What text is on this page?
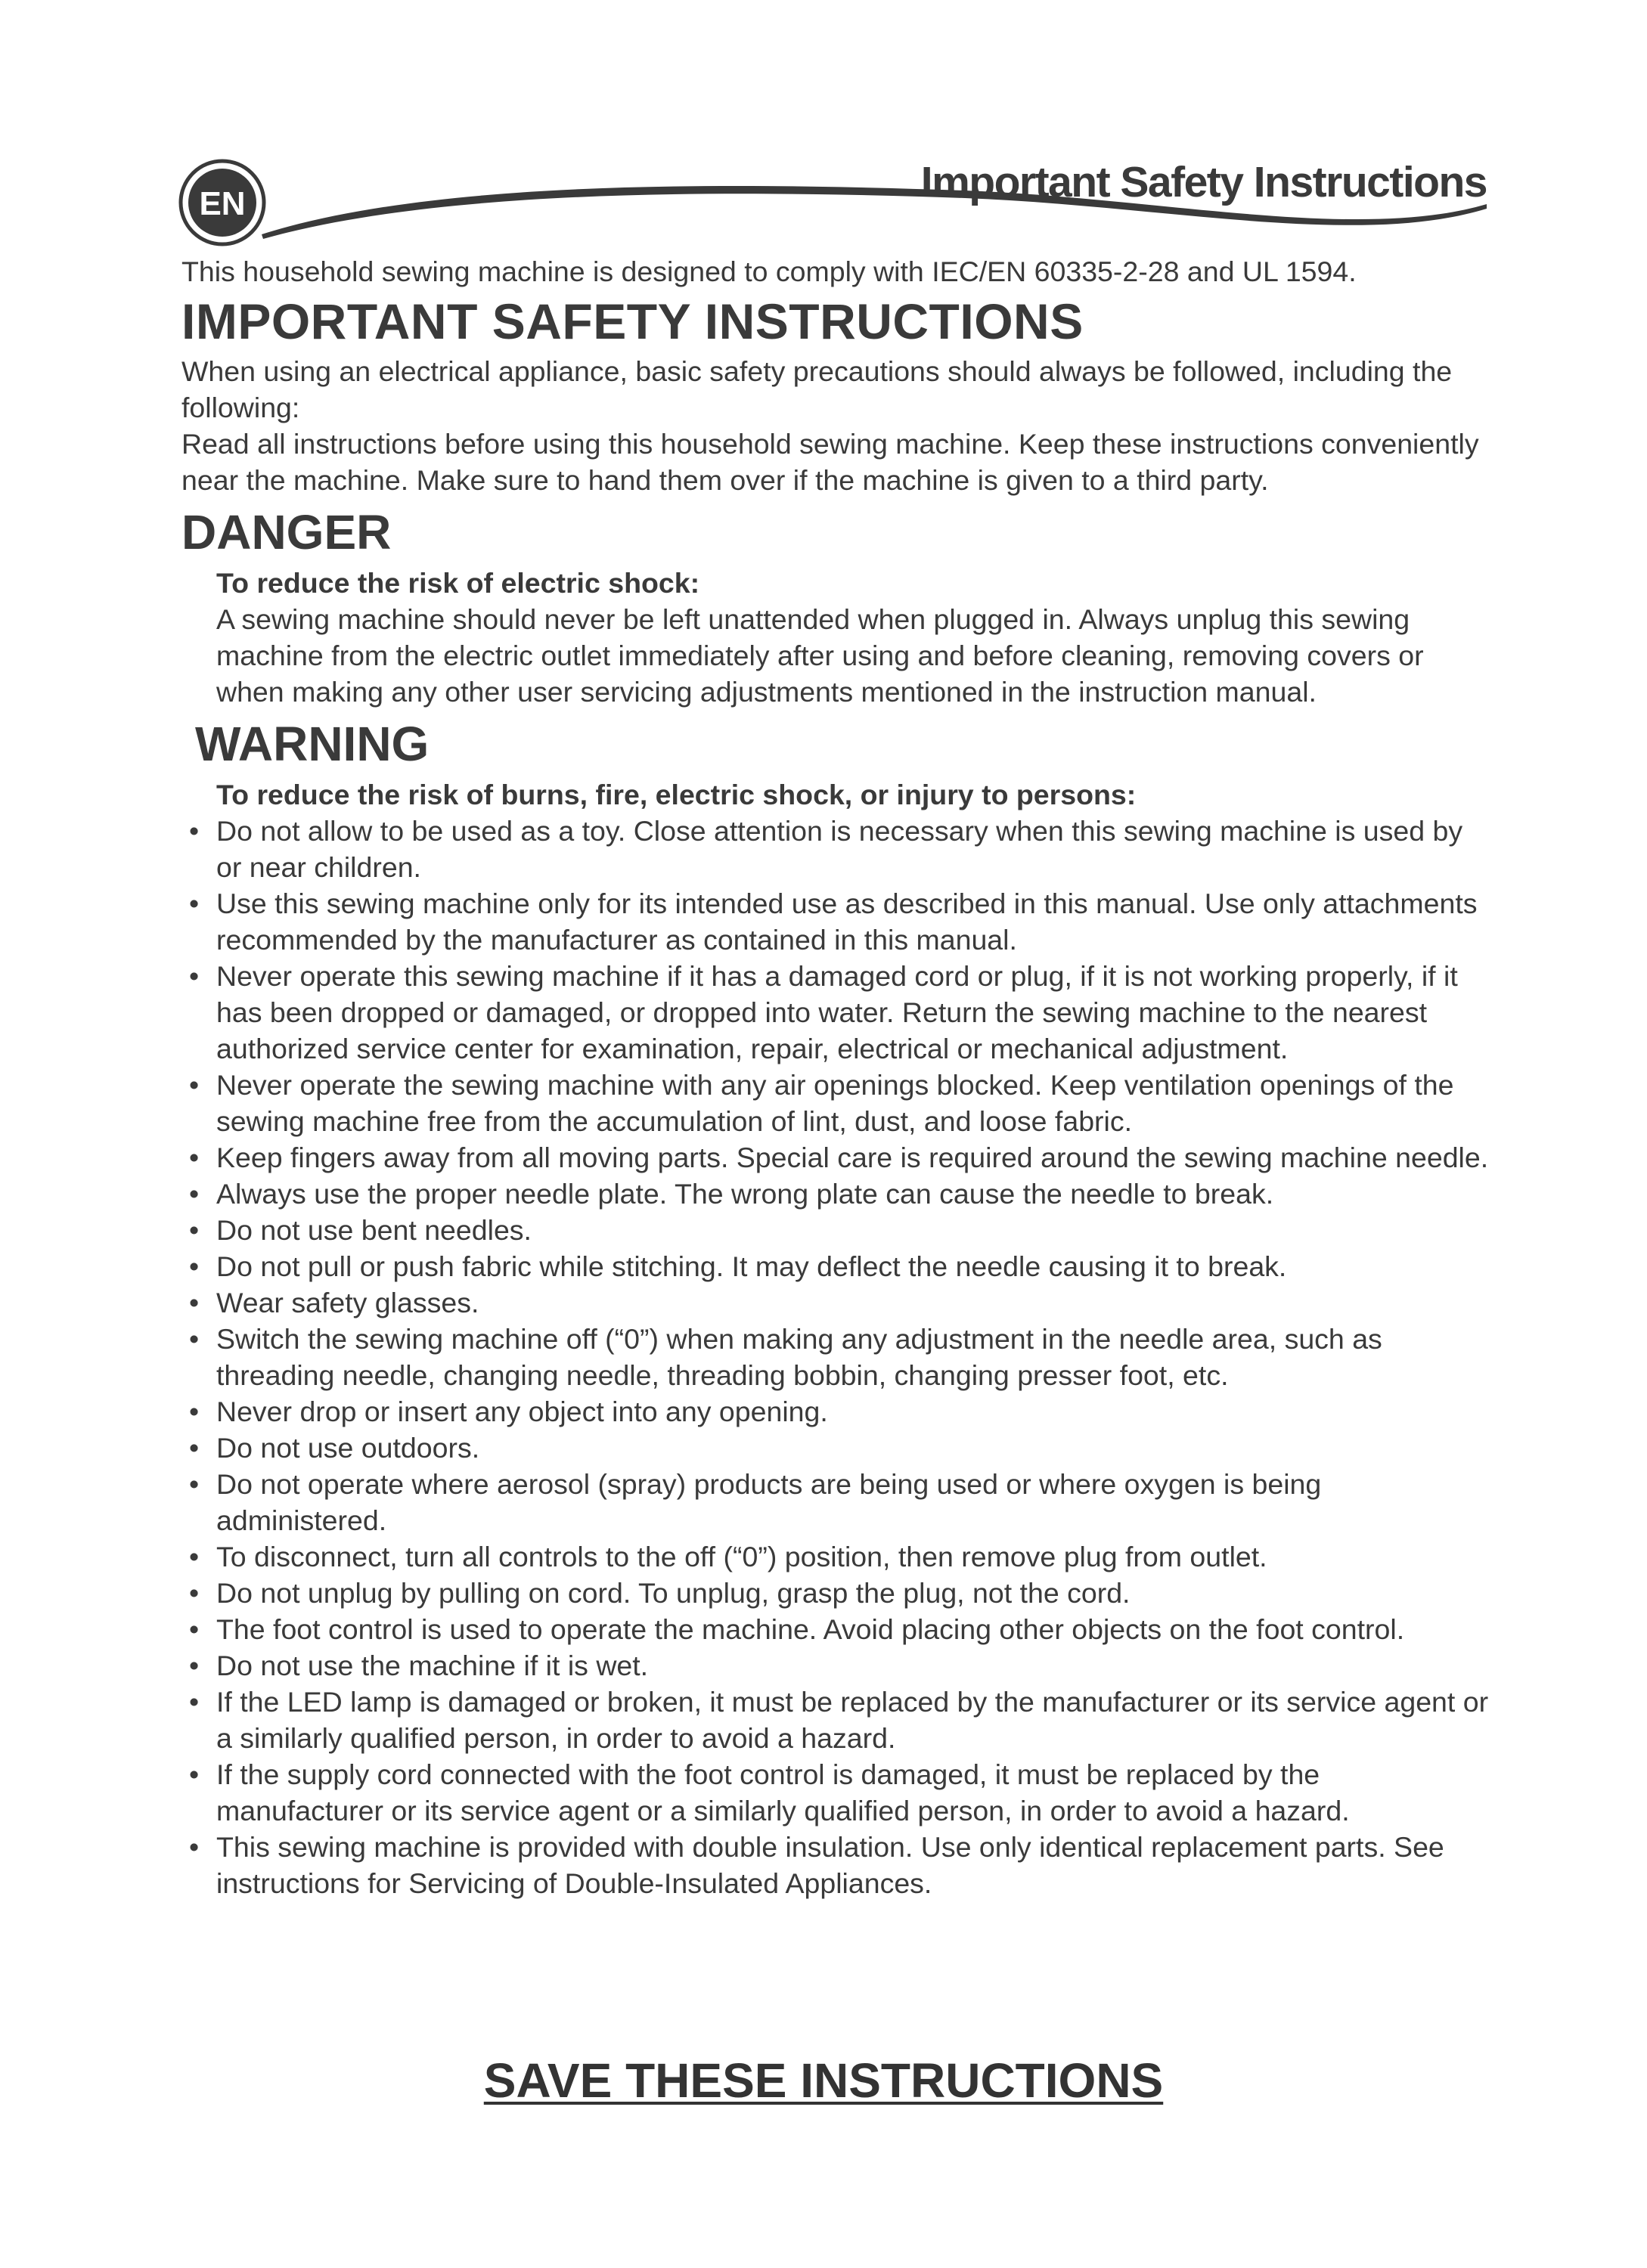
EN	Important Safety Instructions

This household sewing machine is designed to comply with IEC/EN 60335-2-28 and UL 1594.

IMPORTANT SAFETY INSTRUCTIONS

When using an electrical appliance, basic safety precautions should always be followed, including the following:

Read all instructions before using this household sewing machine. Keep these instructions conveniently near the machine. Make sure to hand them over if the machine is given to a third party.

DANGER

To reduce the risk of electric shock:

A sewing machine should never be left unattended when plugged in. Always unplug this sewing machine from the electric outlet immediately after using and before cleaning, removing covers or when making any other user servicing adjustments mentioned in the instruction manual.

WARNING

To reduce the risk of burns, fire, electric shock, or injury to persons:

• Do not allow to be used as a toy. Close attention is necessary when this sewing machine is used by or near children.
• Use this sewing machine only for its intended use as described in this manual. Use only attachments recommended by the manufacturer as contained in this manual.
• Never operate this sewing machine if it has a damaged cord or plug, if it is not working properly, if it has been dropped or damaged, or dropped into water. Return the sewing machine to the nearest authorized service center for examination, repair, electrical or mechanical adjustment.
• Never operate the sewing machine with any air openings blocked. Keep ventilation openings of the sewing machine free from the accumulation of lint, dust, and loose fabric.
• Keep fingers away from all moving parts. Special care is required around the sewing machine needle.
• Always use the proper needle plate. The wrong plate can cause the needle to break.
• Do not use bent needles.
• Do not pull or push fabric while stitching. It may deflect the needle causing it to break.
• Wear safety glasses.
• Switch the sewing machine off (“0”) when making any adjustment in the needle area, such as threading needle, changing needle, threading bobbin, changing presser foot, etc.
• Never drop or insert any object into any opening.
• Do not use outdoors.
• Do not operate where aerosol (spray) products are being used or where oxygen is being administered.
• To disconnect, turn all controls to the off (“0”) position, then remove plug from outlet.
• Do not unplug by pulling on cord. To unplug, grasp the plug, not the cord.
• The foot control is used to operate the machine. Avoid placing other objects on the foot control.
• Do not use the machine if it is wet.
• If the LED lamp is damaged or broken, it must be replaced by the manufacturer or its service agent or a similarly qualified person, in order to avoid a hazard.
• If the supply cord connected with the foot control is damaged, it must be replaced by the manufacturer or its service agent or a similarly qualified person, in order to avoid a hazard.
• This sewing machine is provided with double insulation. Use only identical replacement parts. See instructions for Servicing of Double-Insulated Appliances.
SAVE THESE INSTRUCTIONS
